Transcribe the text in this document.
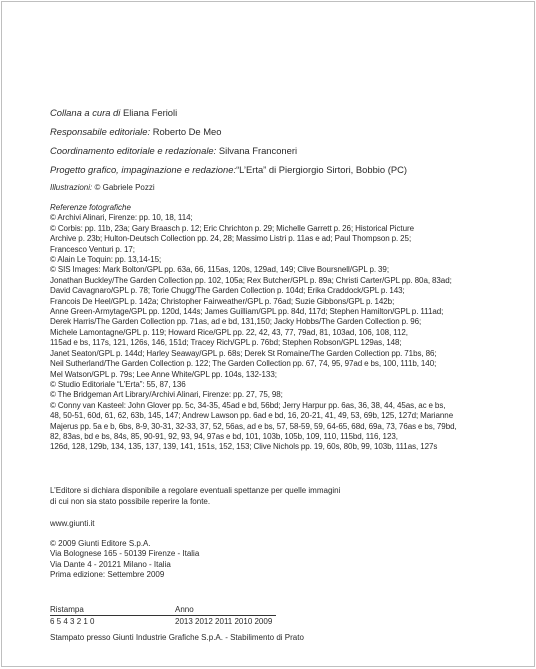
Collana a cura di Eliana Ferioli
Responsabile editoriale: Roberto De Meo
Coordinamento editoriale e redazionale: Silvana Franconeri
Progetto grafico, impaginazione e redazione:“L’Erta” di Piergiorgio Sirtori, Bobbio (PC)
Illustrazioni: © Gabriele Pozzi
Referenze fotografiche
© Archivi Alinari, Firenze: pp. 10, 18, 114;
© Corbis: pp. 11b, 23a; Gary Braasch p. 12; Eric Chrichton p. 29; Michelle Garrett p. 26; Historical Picture
Archive p. 23b; Hulton-Deutsch Collection pp. 24, 28; Massimo Listri p. 11as e ad; Paul Thompson p. 25;
Francesco Venturi p. 17;
© Alain Le Toquin: pp. 13,14-15;
© SIS Images: Mark Bolton/GPL pp. 63a, 66, 115as, 120s, 129ad, 149; Clive Boursnell/GPL p. 39;
Jonathan Buckley/The Garden Collection pp. 102, 105a; Rex Butcher/GPL p. 89a; Christi Carter/GPL pp. 80a, 83ad;
David Cavagnaro/GPL p. 78; Torie Chugg/The Garden Collection p. 104d; Erika Craddock/GPL p. 143;
Francois De Heel/GPL p. 142a; Christopher Fairweather/GPL p. 76ad; Suzie Gibbons/GPL p. 142b;
Anne Green-Armytage/GPL pp. 120d, 144s; James Guilliam/GPL pp. 84d, 117d; Stephen Hamilton/GPL p. 111ad;
Derek Harris/The Garden Collection pp. 71as, ad e bd, 131,150; Jacky Hobbs/The Garden Collection p. 96;
Michele Lamontagne/GPL p. 119; Howard Rice/GPL pp. 22, 42, 43, 77, 79ad, 81, 103ad, 106, 108, 112,
115ad e bs, 117s, 121, 126s, 146, 151d; Tracey Rich/GPL p. 76bd; Stephen Robson/GPL 129as, 148;
Janet Seaton/GPL p. 144d; Harley Seaway/GPL p. 68s; Derek St Romaine/The Garden Collection pp. 71bs, 86;
Neil Sutherland/The Garden Collection p. 122; The Garden Collection pp. 67, 74, 95, 97ad e bs, 100, 111b, 140;
Mel Watson/GPL p. 79s; Lee Anne White/GPL pp. 104s, 132-133;
© Studio Editoriale “L’Erta”: 55, 87, 136
© The Bridgeman Art Library/Archivi Alinari, Firenze: pp. 27, 75, 98;
© Conny van Kasteel: John Glover pp. 5c, 34-35, 45ad e bd, 56bd; Jerry Harpur pp. 6as, 36, 38, 44, 45as, ac e bs,
48, 50-51, 60d, 61, 62, 63b, 145, 147; Andrew Lawson pp. 6ad e bd, 16, 20-21, 41, 49, 53, 69b, 125, 127d; Marianne
Majerus pp. 5a e b, 6bs, 8-9, 30-31, 32-33, 37, 52, 56as, ad e bs, 57, 58-59, 59, 64-65, 68d, 69a, 73, 76as e bs, 79bd,
82, 83as, bd e bs, 84s, 85, 90-91, 92, 93, 94, 97as e bd, 101, 103b, 105b, 109, 110, 115bd, 116, 123,
126d, 128, 129b, 134, 135, 137, 139, 141, 151s, 152, 153; Clive Nichols pp. 19, 60s, 80b, 99, 103b, 111as, 127s
L’Editore si dichiara disponibile a regolare eventuali spettanze per quelle immagini
di cui non sia stato possibile reperire la fonte.
www.giunti.it
© 2009 Giunti Editore S.p.A.
Via Bolognese 165 - 50139 Firenze - Italia
Via Dante 4 - 20121 Milano - Italia
Prima edizione: Settembre 2009
Ristampa	Anno
6 5 4 3 2 1 0	2013 2012 2011 2010 2009
Stampato presso Giunti Industrie Grafiche S.p.A. - Stabilimento di Prato
